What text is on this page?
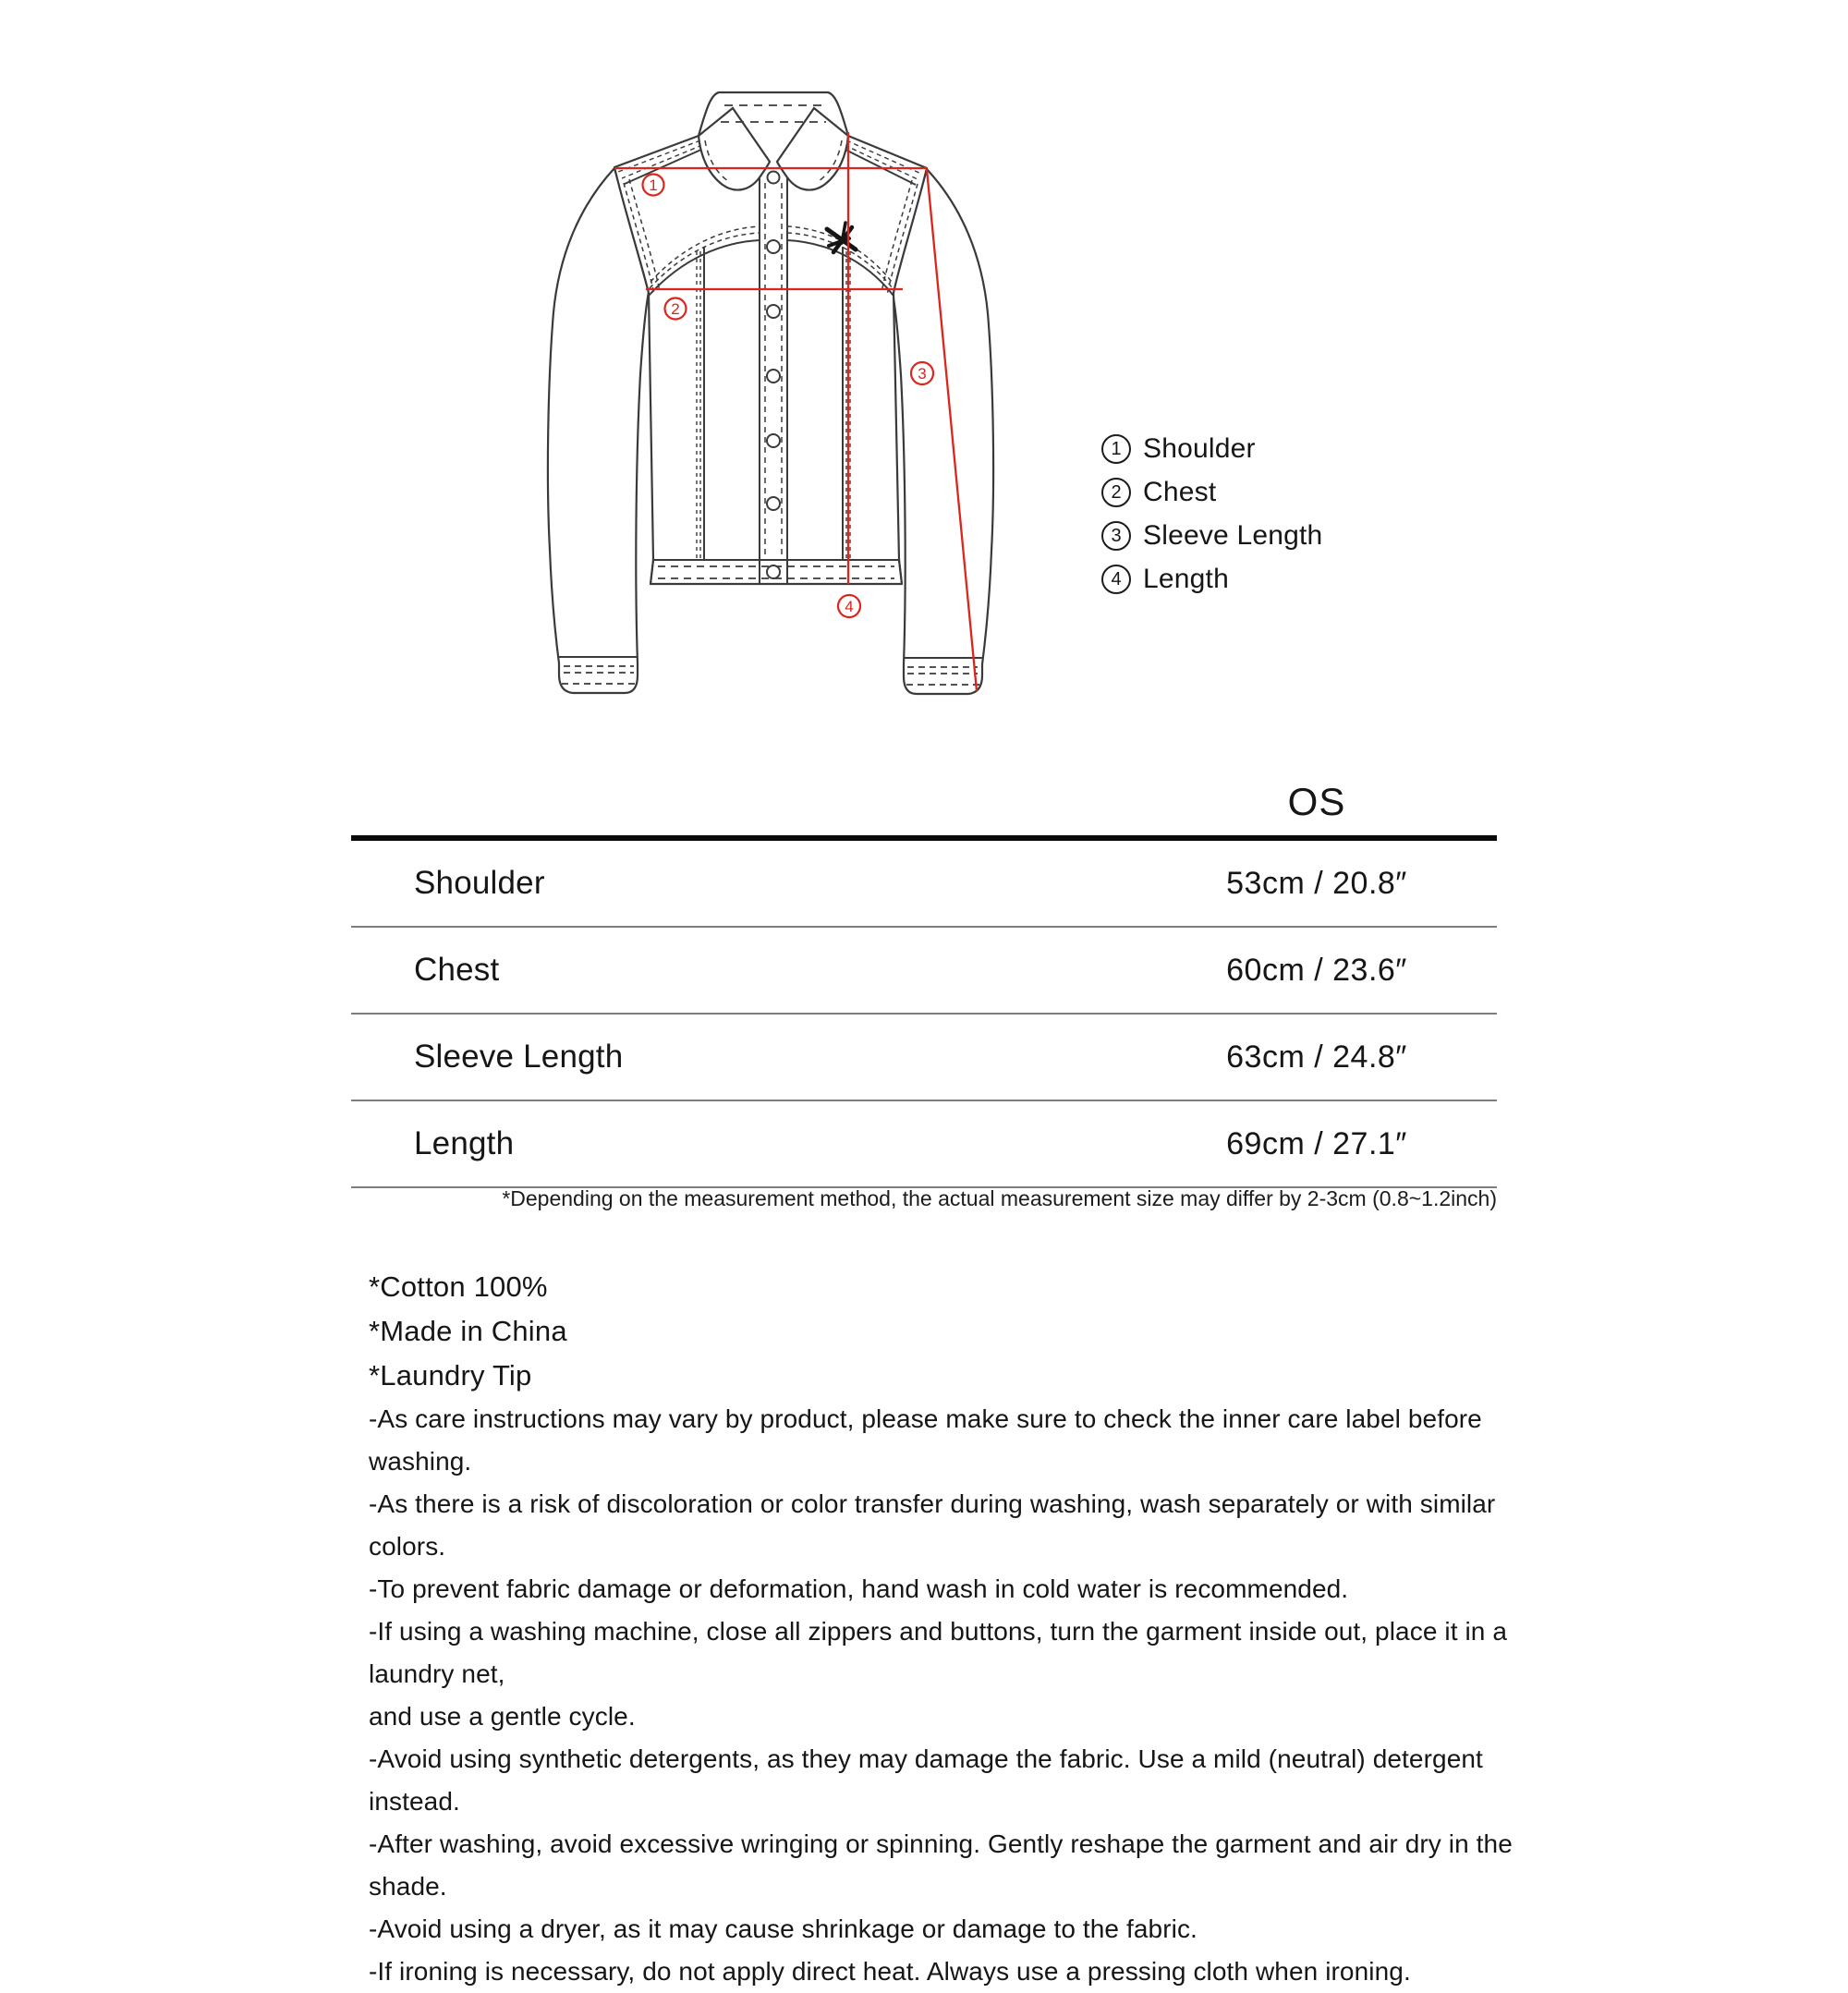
1
2
3
4
1 Shoulder
2 Chest
3 Sleeve Length
4 Length
OS
Shoulder	53cm / 20.8″
Chest	60cm / 23.6″
Sleeve Length	63cm / 24.8″
Length	69cm / 27.1″
*Depending on the measurement method, the actual measurement size may differ by 2-3cm (0.8~1.2inch)
*Cotton 100%
*Made in China
*Laundry Tip
-As care instructions may vary by product, please make sure to check the inner care label before washing.
-As there is a risk of discoloration or color transfer during washing, wash separately or with similar colors.
-To prevent fabric damage or deformation, hand wash in cold water is recommended.
-If using a washing machine, close all zippers and buttons, turn the garment inside out, place it in a laundry net,
and use a gentle cycle.
-Avoid using synthetic detergents, as they may damage the fabric. Use a mild (neutral) detergent instead.
-After washing, avoid excessive wringing or spinning. Gently reshape the garment and air dry in the shade.
-Avoid using a dryer, as it may cause shrinkage or damage to the fabric.
-If ironing is necessary, do not apply direct heat. Always use a pressing cloth when ironing.
